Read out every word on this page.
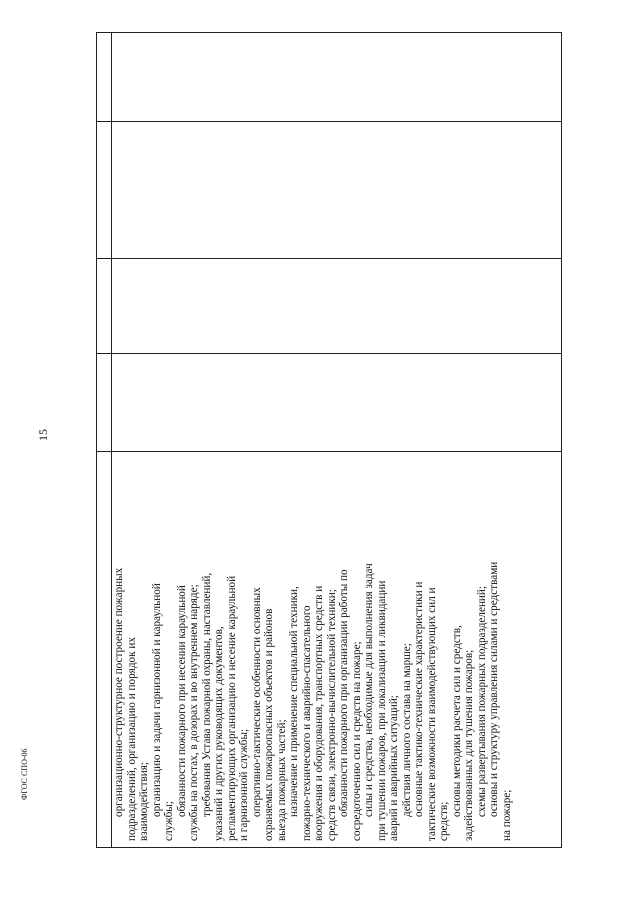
15
ФГОС СПО-06	организационно-структурное построение пожарных подразделений, организацию и порядок их взаимодействия; организацию и задачи гарнизонной и караульной

службы;

обязанности пожарного при несении караульной службы на постах, в дозорах и во внутреннем наряде; требования Устава пожарной охраны, наставлений, указаний и других руководящих документов, регламентирующих организацию и несение караульной и гарнизонной службы; оперативно-тактические особенности основных охраняемых пожароопасных объектов и районов выезда пожарных частей; назначение и применение специальной техники, пожарно-технического и аварийно-спасательного вооружения и оборудования, транспортных средств и средств связи, электронно-вычислительной техники; обязанности пожарного при организации работы по сосредоточению сил и средств на пожаре; силы и средства, необходимые для выполнения задач при тушении пожаров, при локализации и ликвидации аварий и аварийных ситуаций; действия личного состава на марше; основные тактико-технические характеристики и тактические возможности взаимодействующих сил и средств;

основы методики расчета сил и средств, задействованных для тушения пожаров; схемы развертывания пожарных подразделений; основы и структуру управления силами и средствами на пожаре;
